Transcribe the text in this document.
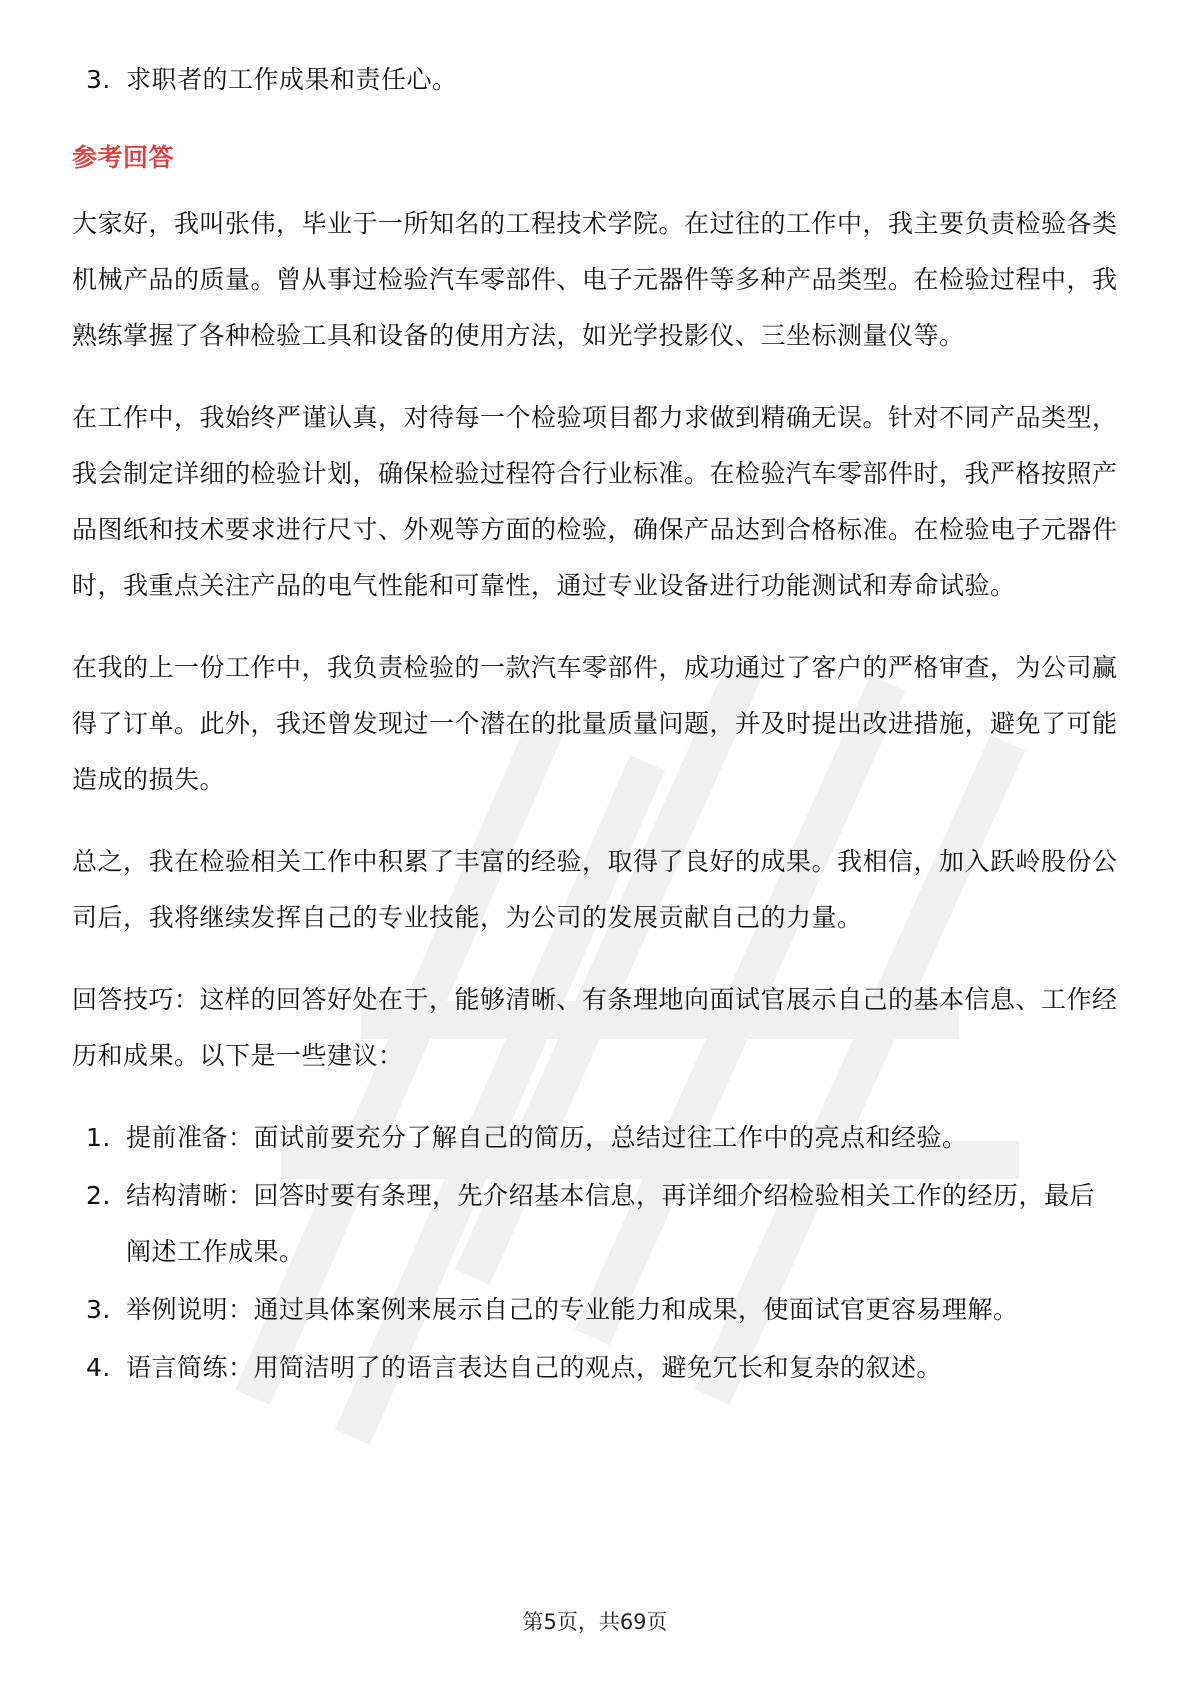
3. 求职者的工作成果和责任心。
参考回答

大家好，我叫张伟，毕业于一所知名的工程技术学院。在过往的工作中，我主要负责检验各类机械产品的质量。曾从事过检验汽车零部件、电子元器件等多种产品类型。在检验过程中，我熟练掌握了各种检验工具和设备的使用方法，如光学投影仪、三坐标测量仪等。

在工作中，我始终严谨认真，对待每一个检验项目都力求做到精确无误。针对不同产品类型，我会制定详细的检验计划，确保检验过程符合行业标准。在检验汽车零部件时，我严格按照产品图纸和技术要求进行尺寸、外观等方面的检验，确保产品达到合格标准。在检验电子元器件时，我重点关注产品的电气性能和可靠性，通过专业设备进行功能测试和寿命试验。

在我的上一份工作中，我负责检验的一款汽车零部件，成功通过了客户的严格审查，为公司赢得了订单。此外，我还曾发现过一个潜在的批量质量问题，并及时提出改进措施，避免了可能造成的损失。

总之，我在检验相关工作中积累了丰富的经验，取得了良好的成果。我相信，加入跃岭股份公司后，我将继续发挥自己的专业技能，为公司的发展贡献自己的力量。

回答技巧：这样的回答好处在于，能够清晰、有条理地向面试官展示自己的基本信息、工作经历和成果。以下是一些建议：

1. 提前准备：面试前要充分了解自己的简历，总结过往工作中的亮点和经验。
2. 结构清晰：回答时要有条理，先介绍基本信息，再详细介绍检验相关工作的经历，最后阐述工作成果。
3. 举例说明：通过具体案例来展示自己的专业能力和成果，使面试官更容易理解。
4. 语言简练：用简洁明了的语言表达自己的观点，避免冗长和复杂的叙述。
第5页，共69页
